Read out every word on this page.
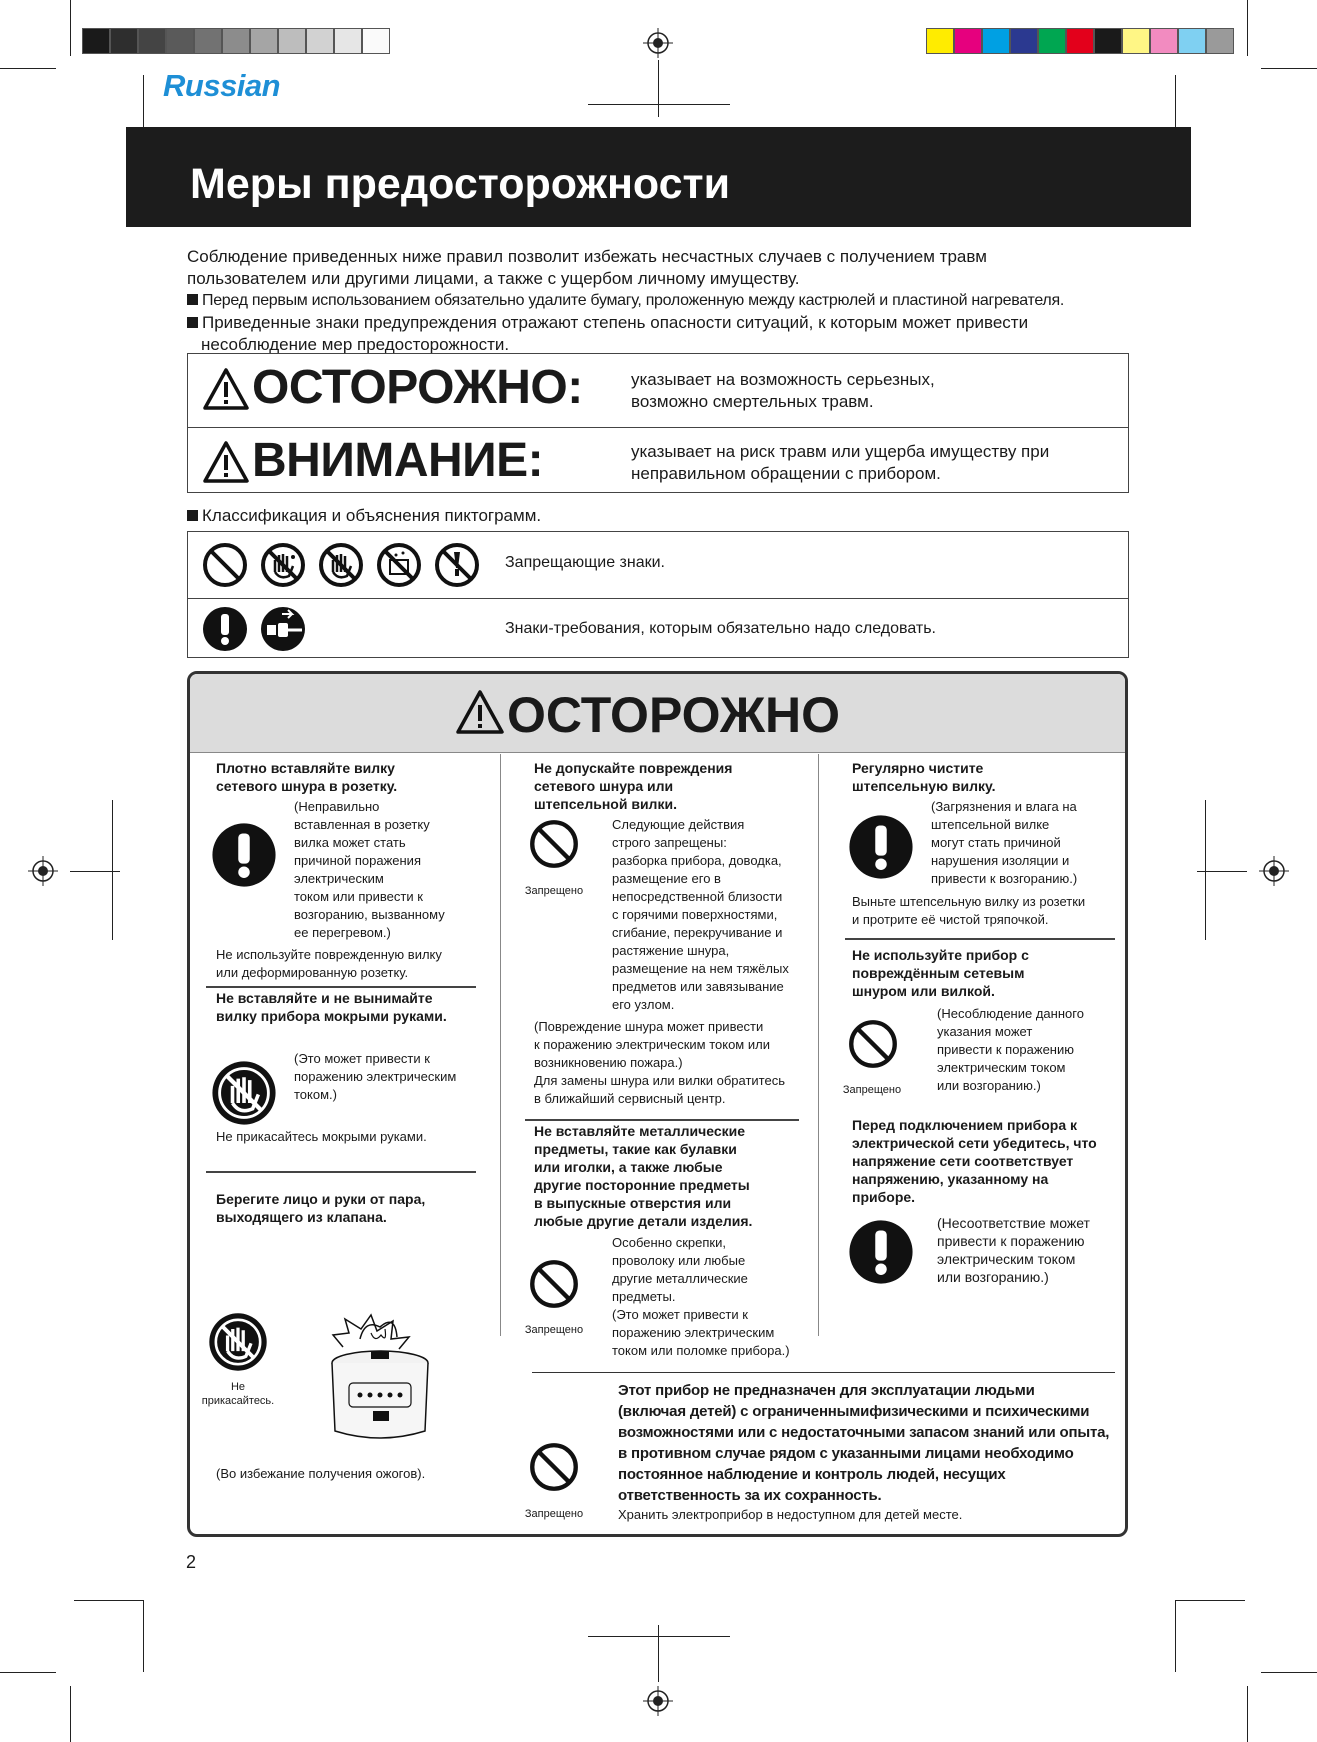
Russian
Меры предосторожности

Соблюдение приведенных ниже правил позволит избежать несчастных случаев с получением травм

пользователем или другими лицами, а также с ущербом личному имуществу.

Перед первым использованием обязательно удалите бумагу, проложенную между кастрюлей и пластиной нагревателя.

Приведенные знаки предупреждения отражают степень опасности ситуаций, к которым может привести

несоблюдение мер предосторожности.

ОСТОРОЖНО:	указывает на возможность серьезных,
возможно смертельных травм.
ВНИМАНИЕ:	указывает на риск травм или ущерба имуществу при
неправильном обращении с прибором.
Классификация и объяснения пиктограмм.
Запрещающие знаки.
Знаки-требования, которым обязательно надо следовать.
ОСТОРОЖНО
Плотно вставляйте вилку
сетевого шнура в розетку.
(Неправильно
вставленная в розетку
вилка может стать
причиной поражения
электрическим
током или привести к
возгоранию, вызванному
ее перегревом.)
Не используйте поврежденную вилку
или деформированную розетку.
Не вставляйте и не вынимайте
вилку прибора мокрыми руками.
(Это может привести к
поражению электрическим
током.)
Не прикасайтесь мокрыми руками.
Берегите лицо и руки от пара,
выходящего из клапана.
Не
прикасайтесь.
(Во избежание получения ожогов).
Не допускайте повреждения
сетевого шнура или
штепсельной вилки.
Запрещено
Следующие действия
строго запрещены:
разборка прибора, доводка,
размещение его в
непосредственной близости
с горячими поверхностями,
сгибание, перекручивание и
растяжение шнура,
размещение на нем тяжёлых
предметов или завязывание
его узлом.
(Повреждение шнура может привести
к поражению электрическим током или
возникновению пожара.)
Для замены шнура или вилки обратитесь
в ближайший сервисный центр.
Не вставляйте металлические
предметы, такие как булавки
или иголки, а также любые
другие посторонние предметы
в выпускные отверстия или
любые другие детали изделия.
Запрещено
Особенно скрепки,
проволоку или любые
другие металлические
предметы.
(Это может привести к
поражению электрическим
током или поломке прибора.)
Регулярно чистите
штепсельную вилку.
(Загрязнения и влага на
штепсельной вилке
могут стать причиной
нарушения изоляции и
привести к возгоранию.)
Выньте штепсельную вилку из розетки
и протрите её чистой тряпочкой.
Не используйте прибор с
повреждённым сетевым
шнуром или вилкой.
Запрещено
(Несоблюдение данного
указания может
привести к поражению
электрическим током
или возгоранию.)
Перед подключением прибора к
электрической сети убедитесь, что
напряжение сети соответствует
напряжению, указанному на
приборе.
(Несоответствие может
привести к поражению
электрическим током
или возгоранию.)
Запрещено
Этот прибор не предназначен для эксплуатации людьми
(включая детей) с ограниченнымифизическими и психическими
возможностями или с недостаточными запасом знаний или опыта,
в противном случае рядом с указанными лицами необходимо
постоянное наблюдение и контроль людей, несущих
ответственность за их сохранность.
Хранить электроприбор в недоступном для детей месте.
2
